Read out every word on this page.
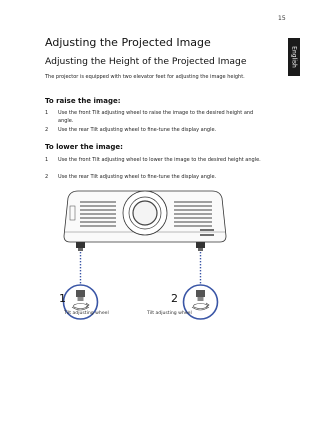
15
English
Adjusting the Projected Image
Adjusting the Height of the Projected Image

The projector is equipped with two elevator feet for adjusting the image height.

To raise the image:
1	Use the front Tilt adjusting wheel to raise the image to the desired height and angle.
2	Use the rear Tilt adjusting wheel to fine-tune the display angle.
To lower the image:
1	Use the front Tilt adjusting wheel to lower the image to the desired height angle.
2	Use the rear Tilt adjusting wheel to fine-tune the display angle.
1	2
Tilt adjusting wheel	Tilt adjusting wheel
